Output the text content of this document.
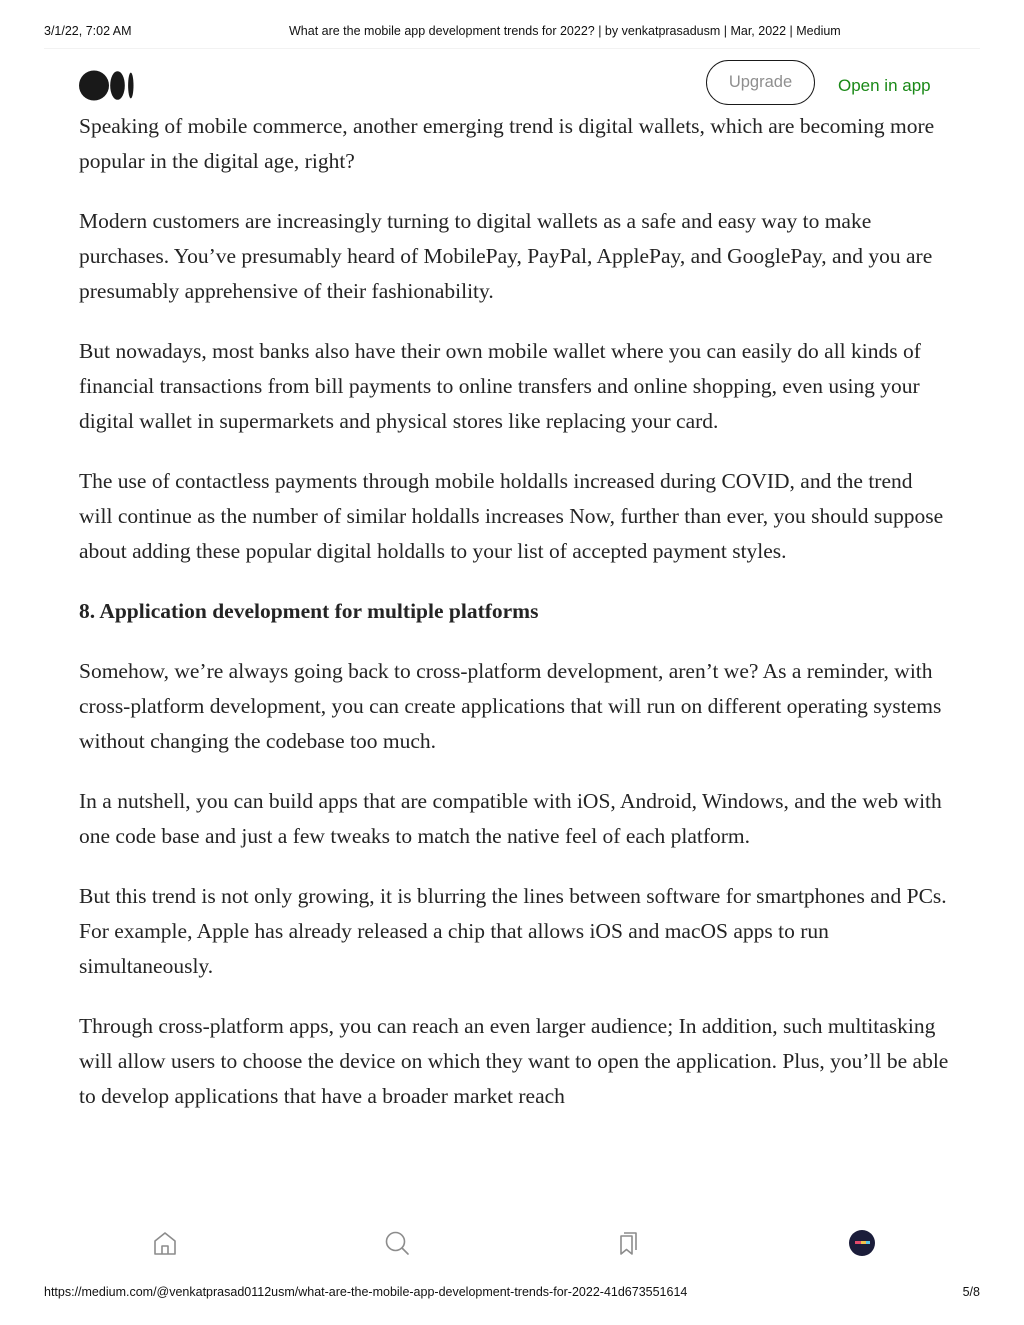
3/1/22, 7:02 AM	What are the mobile app development trends for 2022? | by venkatprasadusm | Mar, 2022 | Medium
Upgrade	Open in app

Speaking of mobile commerce, another emerging trend is digital wallets, which are becoming more popular in the digital age, right?

Modern customers are increasingly turning to digital wallets as a safe and easy way to make purchases. You’ve presumably heard of MobilePay, PayPal, ApplePay, and GooglePay, and you are presumably apprehensive of their fashionability.

But nowadays, most banks also have their own mobile wallet where you can easily do all kinds of financial transactions from bill payments to online transfers and online shopping, even using your digital wallet in supermarkets and physical stores like replacing your card.

The use of contactless payments through mobile holdalls increased during COVID, and the trend will continue as the number of similar holdalls increases Now, further than ever, you should suppose about adding these popular digital holdalls to your list of accepted payment styles.

8. Application development for multiple platforms

Somehow, we’re always going back to cross-platform development, aren’t we? As a reminder, with cross-platform development, you can create applications that will run on different operating systems without changing the codebase too much.

In a nutshell, you can build apps that are compatible with iOS, Android, Windows, and the web with one code base and just a few tweaks to match the native feel of each platform.

But this trend is not only growing, it is blurring the lines between software for smartphones and PCs. For example, Apple has already released a chip that allows iOS and macOS apps to run simultaneously.

Through cross-platform apps, you can reach an even larger audience; In addition, such multitasking will allow users to choose the device on which they want to open the application. Plus, you’ll be able to develop applications that have a broader market reach

https://medium.com/@venkatprasad0112usm/what-are-the-mobile-app-development-trends-for-2022-41d673551614	5/8
